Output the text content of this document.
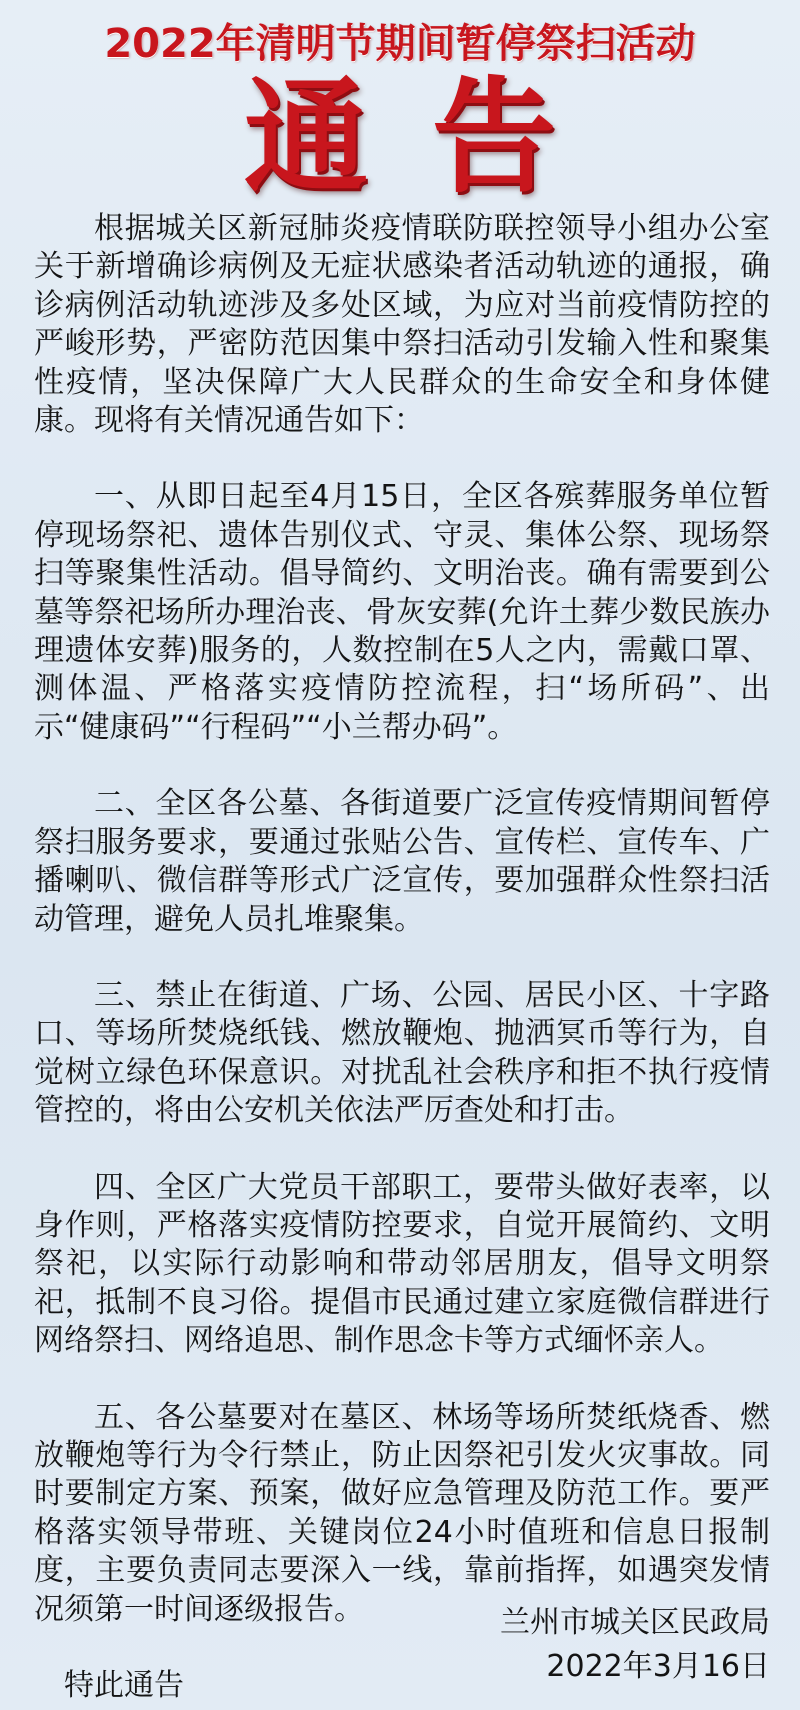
2022年清明节期间暂停祭扫活动
通告

根据城关区新冠肺炎疫情联防联控领导小组办公室关于新增确诊病例及无症状感染者活动轨迹的通报，确诊病例活动轨迹涉及多处区域，为应对当前疫情防控的严峻形势，严密防范因集中祭扫活动引发输入性和聚集性疫情，坚决保障广大人民群众的生命安全和身体健康。现将有关情况通告如下：

一、从即日起至4月15日，全区各殡葬服务单位暂停现场祭祀、遗体告别仪式、守灵、集体公祭、现场祭扫等聚集性活动。倡导简约、文明治丧。确有需要到公墓等祭祀场所办理治丧、骨灰安葬(允许土葬少数民族办理遗体安葬)服务的，人数控制在5人之内，需戴口罩、测体温、严格落实疫情防控流程，扫“场所码”、出示“健康码”“行程码”“小兰帮办码”。

二、全区各公墓、各街道要广泛宣传疫情期间暂停祭扫服务要求，要通过张贴公告、宣传栏、宣传车、广播喇叭、微信群等形式广泛宣传，要加强群众性祭扫活动管理，避免人员扎堆聚集。

三、禁止在街道、广场、公园、居民小区、十字路口、等场所焚烧纸钱、燃放鞭炮、抛洒冥币等行为，自觉树立绿色环保意识。对扰乱社会秩序和拒不执行疫情管控的，将由公安机关依法严厉查处和打击。

四、全区广大党员干部职工，要带头做好表率，以身作则，严格落实疫情防控要求，自觉开展简约、文明祭祀，以实际行动影响和带动邻居朋友，倡导文明祭祀，抵制不良习俗。提倡市民通过建立家庭微信群进行网络祭扫、网络追思、制作思念卡等方式缅怀亲人。

五、各公墓要对在墓区、林场等场所焚纸烧香、燃放鞭炮等行为令行禁止，防止因祭祀引发火灾事故。同时要制定方案、预案，做好应急管理及防范工作。要严格落实领导带班、关键岗位24小时值班和信息日报制度，主要负责同志要深入一线，靠前指挥，如遇突发情况须第一时间逐级报告。

特此通告

兰州市城关区民政局
2022年3月16日
